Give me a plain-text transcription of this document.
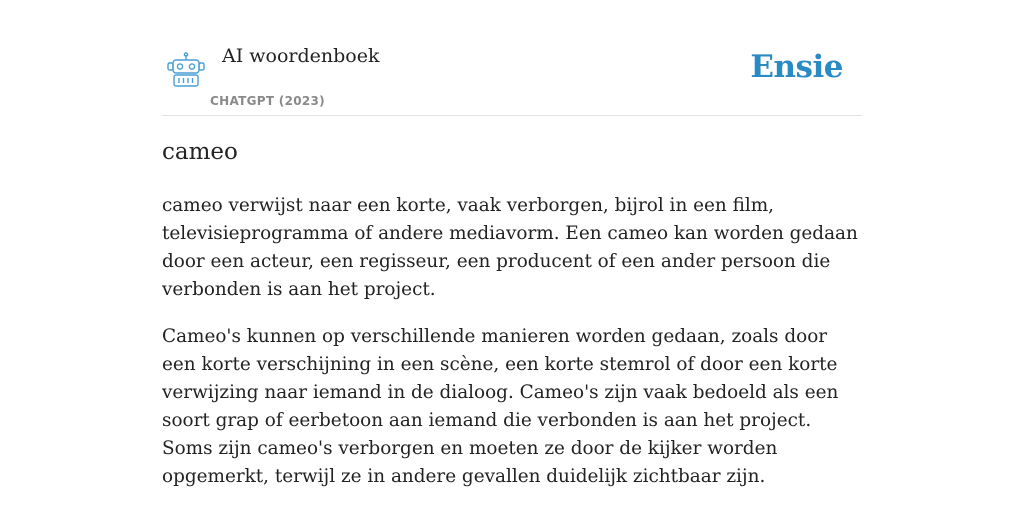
AI woordenboek
CHATGPT (2023)
Ensie
cameo

cameo verwijst naar een korte, vaak verborgen, bijrol in een film, televisieprogramma of andere mediavorm. Een cameo kan worden gedaan door een acteur, een regisseur, een producent of een ander persoon die verbonden is aan het project.

Cameo's kunnen op verschillende manieren worden gedaan, zoals door een korte verschijning in een scène, een korte stemrol of door een korte verwijzing naar iemand in de dialoog. Cameo's zijn vaak bedoeld als een soort grap of eerbetoon aan iemand die verbonden is aan het project. Soms zijn cameo's verborgen en moeten ze door de kijker worden opgemerkt, terwijl ze in andere gevallen duidelijk zichtbaar zijn.
